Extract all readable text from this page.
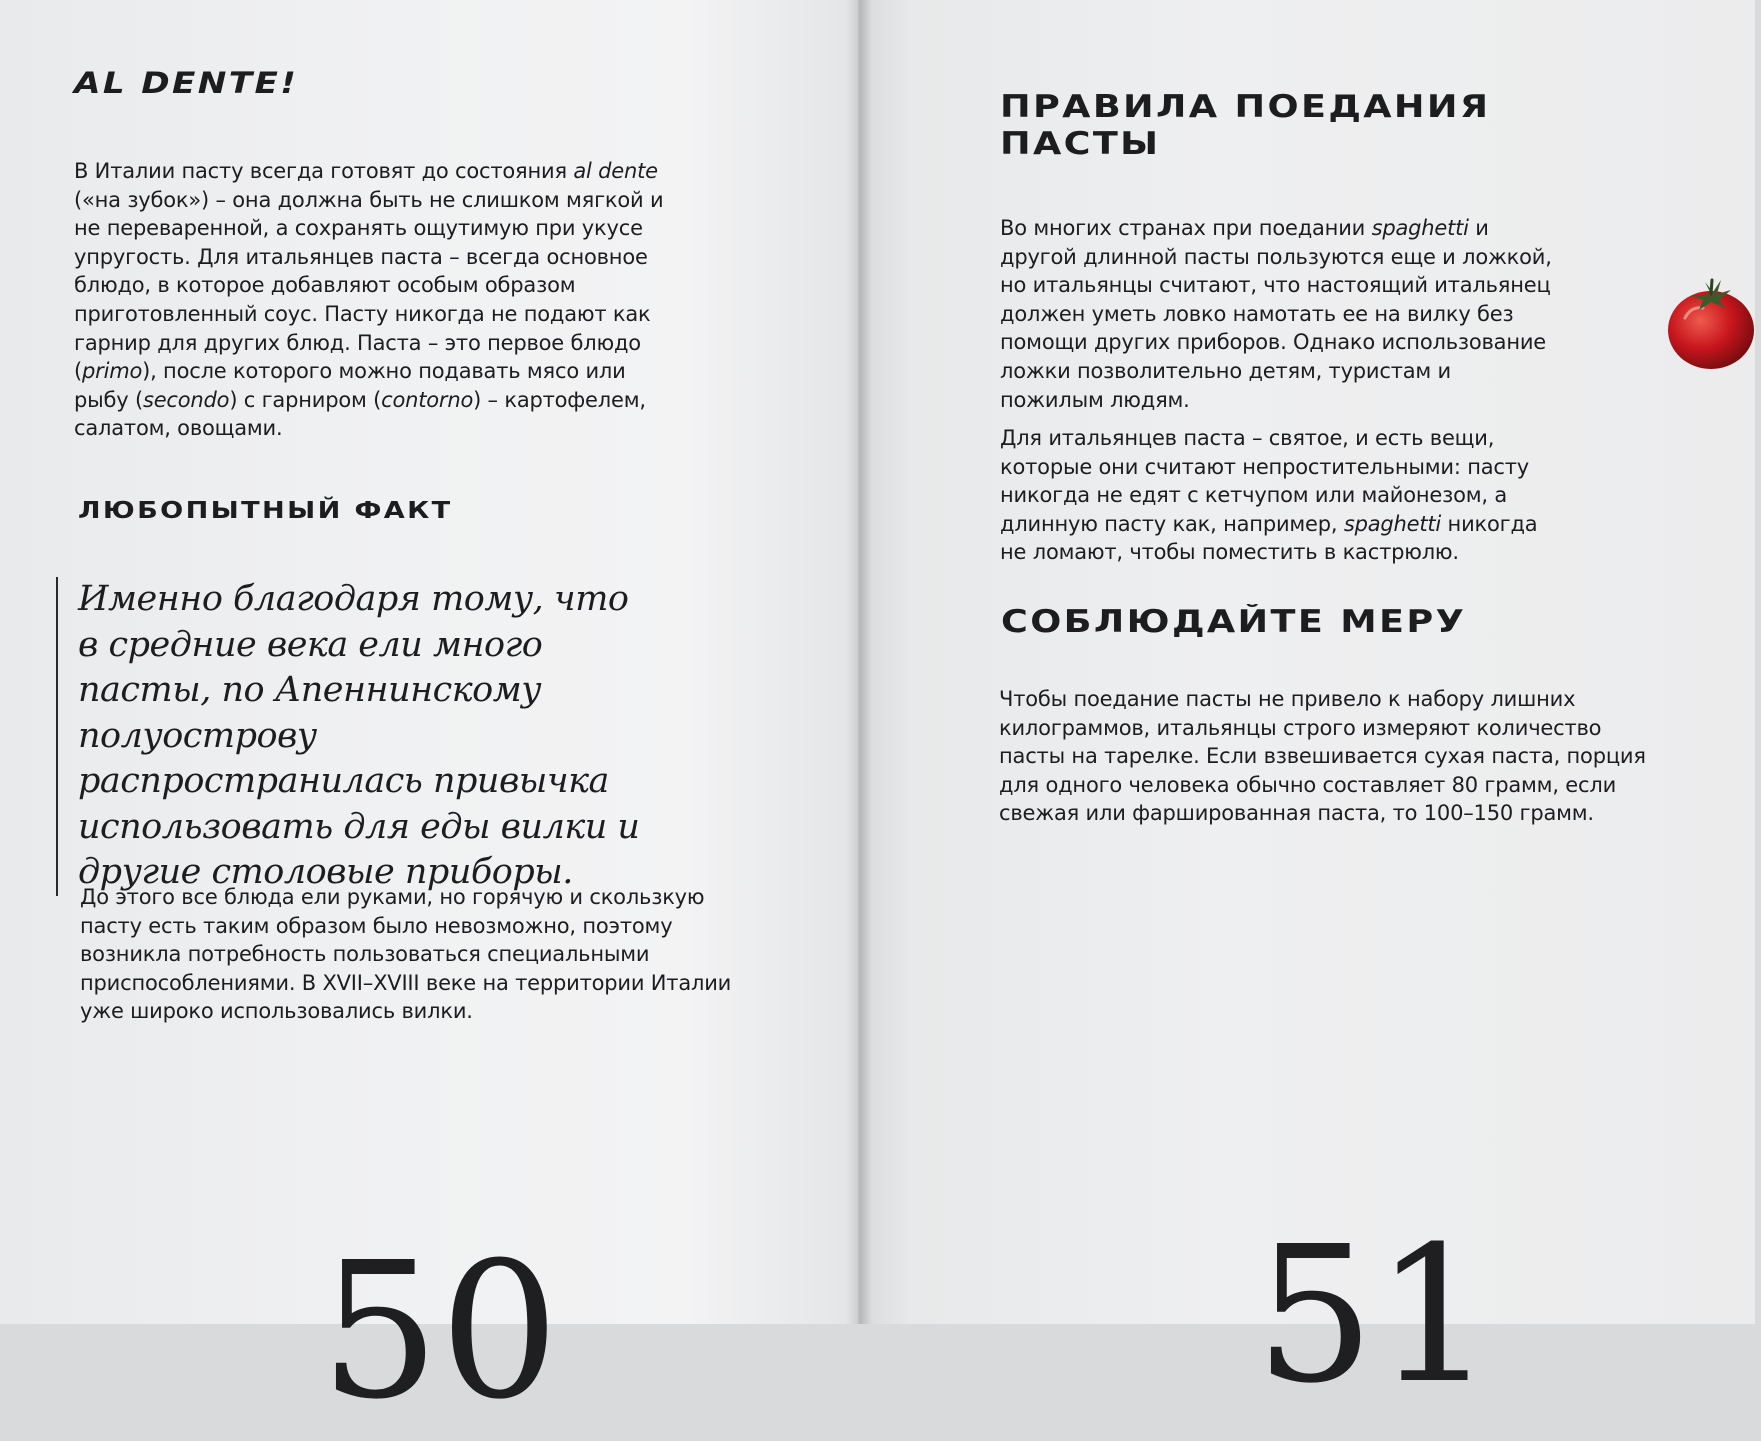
AL DENTE!

В Италии пасту всегда готовят до состояния al dente («на зубок») – она должна быть не слишком мягкой и не переваренной, а сохранять ощутимую при укусе упругость. Для итальянцев паста – всегда основное блюдо, в которое добавляют особым образом приготовленный соус. Пасту никогда не подают как гарнир для других блюд. Паста – это первое блюдо (primo), после которого можно подавать мясо или рыбу (secondo) с гарниром (contorno) – картофелем, салатом, овощами.

ЛЮБОПЫТНЫЙ ФАКТ
Именно благодаря тому, что в средние века ели много пасты, по Апеннинскому полуострову распространилась привычка использовать для еды вилки и другие столовые приборы.
До этого все блюда ели руками, но горячую и скользкую пасту есть таким образом было невозможно, поэтому возникла потребность пользоваться специальными приспособлениями. В XVII–XVIII веке на территории Италии уже широко использовались вилки.
50
ПРАВИЛА ПОЕДАНИЯ ПАСТЫ

Во многих странах при поедании spaghetti и другой длинной пасты пользуются еще и ложкой, но итальянцы считают, что настоящий итальянец должен уметь ловко намотать ее на вилку без помощи других приборов. Однако использование ложки позволительно детям, туристам и пожилым людям.

Для итальянцев паста – святое, и есть вещи, которые они считают непростительными: пасту никогда не едят с кетчупом или майонезом, а длинную пасту как, например, spaghetti никогда не ломают, чтобы поместить в кастрюлю.

СОБЛЮДАЙТЕ МЕРУ
Чтобы поедание пасты не привело к набору лишних килограммов, итальянцы строго измеряют количество пасты на тарелке. Если взвешивается сухая паста, порция для одного человека обычно составляет 80 грамм, если свежая или фаршированная паста, то 100–150 грамм.
51
